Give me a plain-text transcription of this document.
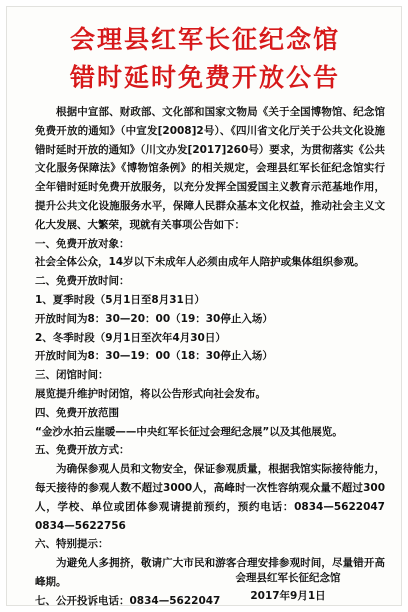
会理县红军长征纪念馆
错时延时免费开放公告

根据中宣部、财政部、文化部和国家文物局《关于全国博物馆、纪念馆免费开放的通知》（中宣发[2008]2号）、《四川省文化厅关于公共文化设施错时延时开放的通知》（川文办发[2017]260号）要求，为贯彻落实《公共文化服务保障法》《博物馆条例》的相关规定，会理县红军长征纪念馆实行全年错时延时免费开放服务，以充分发挥全国爱国主义教育示范基地作用，提升公共文化设施服务水平，保障人民群众基本文化权益，推动社会主义文化大发展、大繁荣，现就有关事项公告如下：

一、免费开放对象：

社会全体公众，14岁以下未成年人必须由成年人陪护或集体组织参观。

二、免费开放时间：

1、夏季时段（5月1日至8月31日）

开放时间为8：30—20：00（19：30停止入场）

2、冬季时段（9月1日至次年4月30日）

开放时间为8：30—19：00（18：30停止入场）

三、闭馆时间：

展览提升维护时闭馆，将以公告形式向社会发布。

四、免费开放范围

“金沙水拍云崖暖——中央红军长征过会理纪念展”以及其他展览。

五、免费开放方式：

为确保参观人员和文物安全，保证参观质量，根据我馆实际接待能力，每天接待的参观人数不超过3000人，高峰时一次性容纳观众量不超过300人，学校、单位或团体参观请提前预约，预约电话：0834—5622047　0834—5622756

六、特别提示：

为避免人多拥挤，敬请广大市民和游客合理安排参观时间，尽量错开高峰期。

七、公开投诉电话：0834—5622047

会理县红军长征纪念馆
2017年9月1日
